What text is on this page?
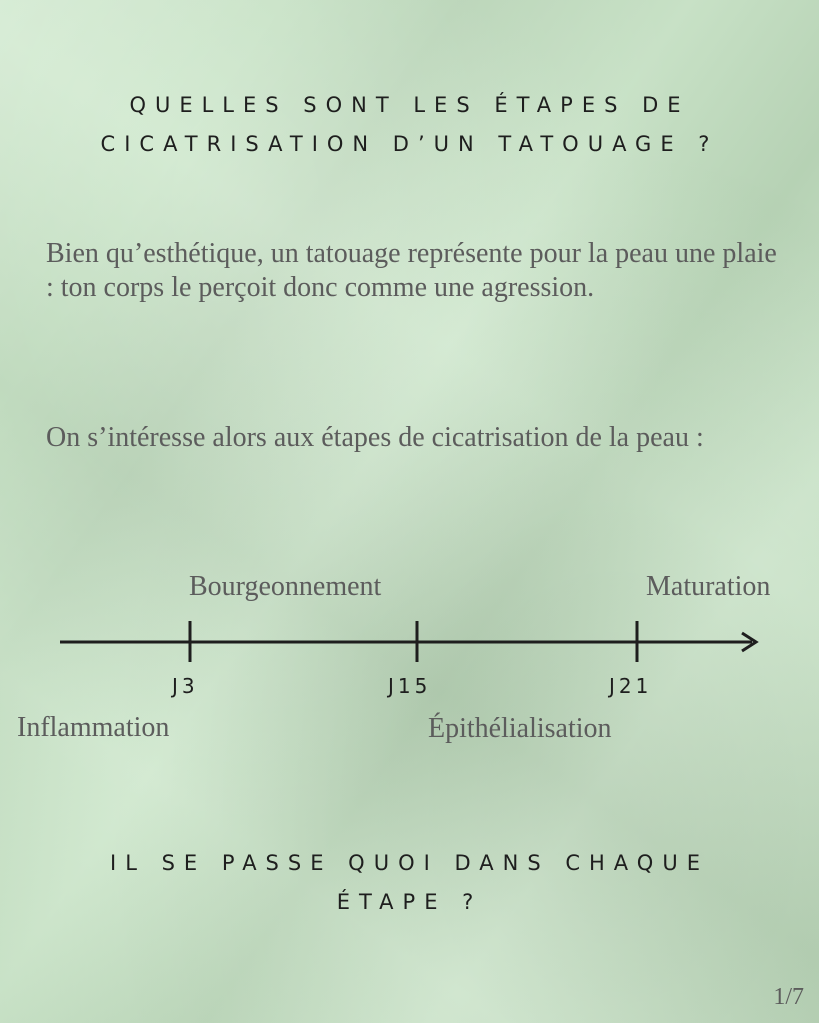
QUELLES SONT LES ÉTAPES DE
CICATRISATION D’UN TATOUAGE ?

Bien qu’esthétique, un tatouage représente pour la peau une plaie : ton corps le perçoit donc comme une agression.

On s’intéresse alors aux étapes de cicatrisation de la peau :

Bourgeonnement	Maturation
J3	J15	J21
Inflammation	Épithélialisation
IL SE PASSE QUOI DANS CHAQUE
ÉTAPE ?
1/7
